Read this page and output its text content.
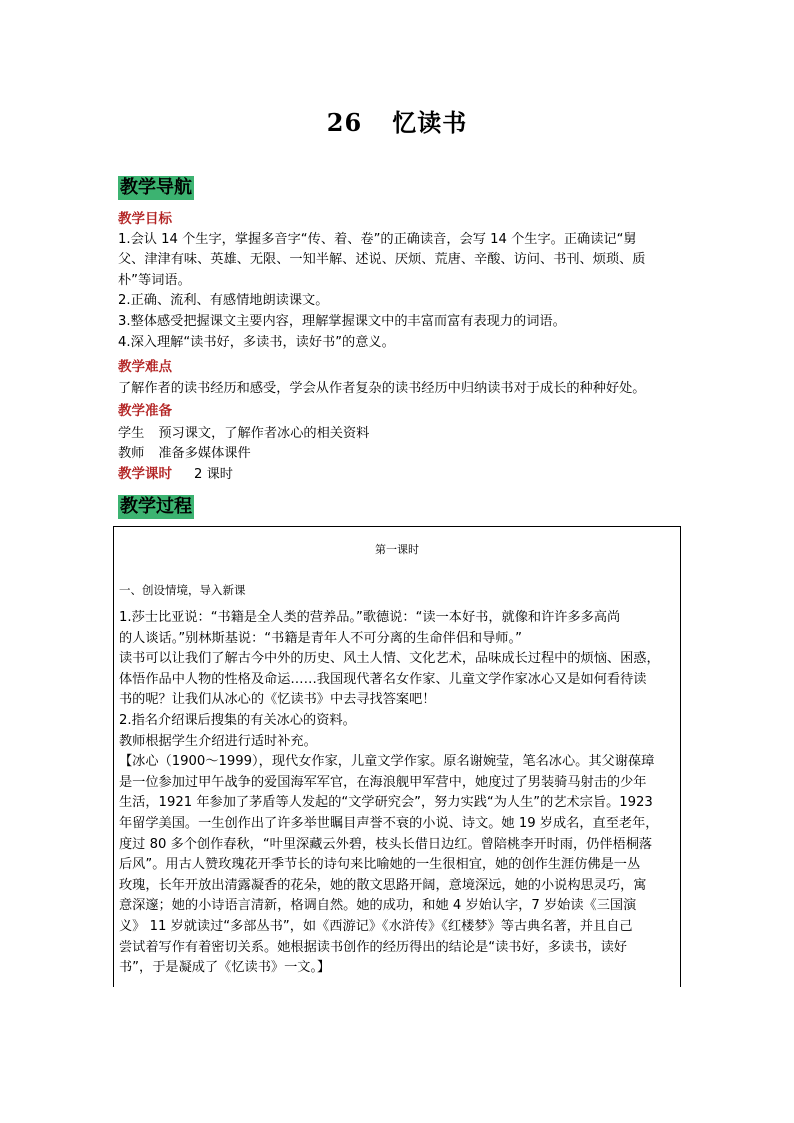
26 忆读书
教学导航
教学目标
1.会认 14 个生字，掌握多音字“传、着、卷”的正确读音，会写 14 个生字。正确读记“舅
父、津津有味、英雄、无限、一知半解、述说、厌烦、荒唐、辛酸、访问、书刊、烦琐、质
朴”等词语。
2.正确、流利、有感情地朗读课文。
3.整体感受把握课文主要内容，理解掌握课文中的丰富而富有表现力的词语。
4.深入理解“读书好，多读书，读好书”的意义。
教学难点
了解作者的读书经历和感受，学会从作者复杂的读书经历中归纳读书对于成长的种种好处。
教学准备
学生 预习课文，了解作者冰心的相关资料
教师 准备多媒体课件
教学课时 2 课时
教学过程
第一课时
一、创设情境，导入新课
1.莎士比亚说：“书籍是全人类的营养品。”歌德说：“读一本好书，就像和许许多多高尚
的人谈话。”别林斯基说：“书籍是青年人不可分离的生命伴侣和导师。”
读书可以让我们了解古今中外的历史、风土人情、文化艺术，品味成长过程中的烦恼、困惑，
体悟作品中人物的性格及命运……我国现代著名女作家、儿童文学作家冰心又是如何看待读
书的呢？让我们从冰心的《忆读书》中去寻找答案吧！
2.指名介绍课后搜集的有关冰心的资料。
教师根据学生介绍进行适时补充。
【冰心（1900～1999），现代女作家，儿童文学作家。原名谢婉莹，笔名冰心。其父谢葆璋
是一位参加过甲午战争的爱国海军军官，在海浪舰甲军营中，她度过了男装骑马射击的少年
生活，1921 年参加了茅盾等人发起的“文学研究会”，努力实践“为人生”的艺术宗旨。1923
年留学美国。一生创作出了许多举世瞩目声誉不衰的小说、诗文。她 19 岁成名，直至老年，
度过 80 多个创作春秋，“叶里深藏云外碧，枝头长借日边红。曾陪桃李开时雨，仍伴梧桐落
后风”。用古人赞玫瑰花开季节长的诗句来比喻她的一生很相宜，她的创作生涯仿佛是一丛
玫瑰，长年开放出清露凝香的花朵，她的散文思路开阔，意境深远，她的小说构思灵巧，寓
意深邃；她的小诗语言清新，格调自然。她的成功，和她 4 岁始认字，7 岁始读《三国演
义》 11 岁就读过“多部丛书”，如《西游记》《水浒传》《红楼梦》等古典名著，并且自己
尝试着写作有着密切关系。她根据读书创作的经历得出的结论是“读书好，多读书，读好
书”，于是凝成了《忆读书》一文。】
